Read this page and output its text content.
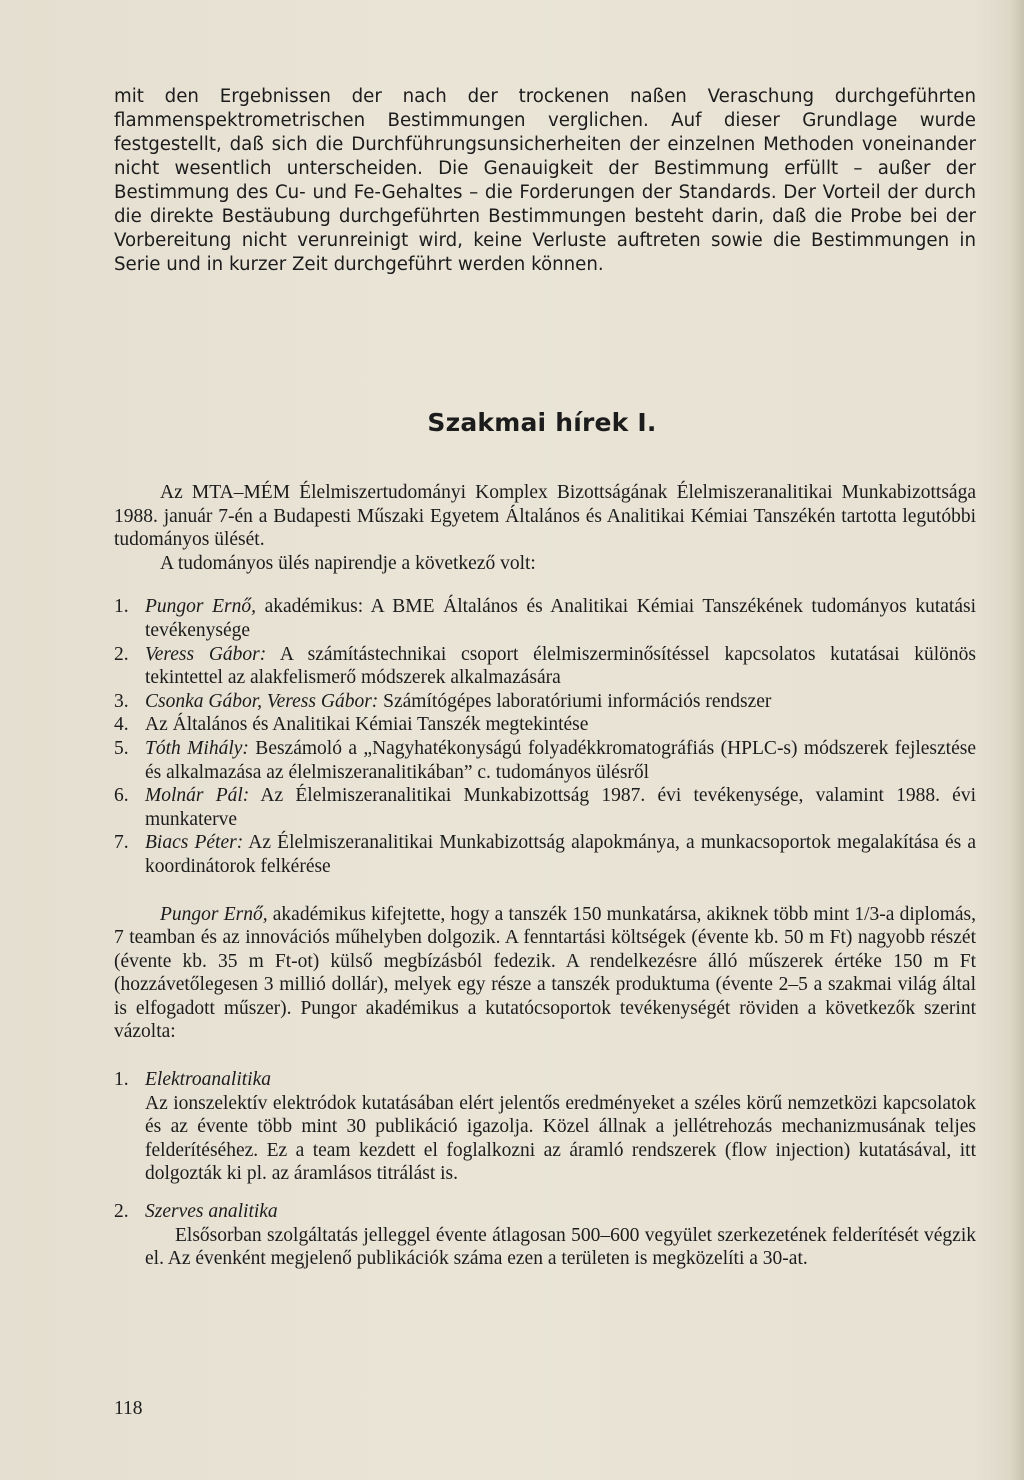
mit den Ergebnissen der nach der trockenen naßen Veraschung durchgeführten flammenspektrometrischen Bestimmungen verglichen. Auf dieser Grundlage wurde festgestellt, daß sich die Durchführungsunsicherheiten der einzelnen Methoden voneinander nicht wesentlich unterscheiden. Die Genauigkeit der Bestimmung erfüllt – außer der Bestimmung des Cu- und Fe-Gehaltes – die Forderungen der Standards. Der Vorteil der durch die direkte Bestäubung durchgeführten Bestimmungen besteht darin, daß die Probe bei der Vorbereitung nicht verunreinigt wird, keine Verluste auftreten sowie die Bestimmungen in Serie und in kurzer Zeit durchgeführt werden können.

Szakmai hírek I.

Az MTA–MÉM Élelmiszertudományi Komplex Bizottságának Élelmiszeranalitikai Munkabizottsága 1988. január 7-én a Budapesti Műszaki Egyetem Általános és Analitikai Kémiai Tanszékén tartotta legutóbbi tudományos ülését.

A tudományos ülés napirendje a következő volt:

1. Pungor Ernő, akadémikus: A BME Általános és Analitikai Kémiai Tanszékének tudományos kutatási tevékenysége
2. Veress Gábor: A számítástechnikai csoport élelmiszerminősítéssel kapcsolatos kutatásai különös tekintettel az alakfelismerő módszerek alkalmazására
3. Csonka Gábor, Veress Gábor: Számítógépes laboratóriumi információs rendszer
4. Az Általános és Analitikai Kémiai Tanszék megtekintése
5. Tóth Mihály: Beszámoló a „Nagyhatékonyságú folyadékkromatográfiás (HPLC-s) módszerek fejlesztése és alkalmazása az élelmiszeranalitikában” c. tudományos ülésről
6. Molnár Pál: Az Élelmiszeranalitikai Munkabizottság 1987. évi tevékenysége, valamint 1988. évi munkaterve
7. Biacs Péter: Az Élelmiszeranalitikai Munkabizottság alapokmánya, a munkacsoportok megalakítása és a koordinátorok felkérése

Pungor Ernő, akadémikus kifejtette, hogy a tanszék 150 munkatársa, akiknek több mint 1/3-a diplomás, 7 teamban és az innovációs műhelyben dolgozik. A fenntartási költségek (évente kb. 50 m Ft) nagyobb részét (évente kb. 35 m Ft-ot) külső megbízásból fedezik. A rendelkezésre álló műszerek értéke 150 m Ft (hozzávetőlegesen 3 millió dollár), melyek egy része a tanszék produktuma (évente 2–5 a szakmai világ által is elfogadott műszer). Pungor akadémikus a kutatócsoportok tevékenységét röviden a következők szerint vázolta:

1. Elektroanalitika

Az ionszelektív elektródok kutatásában elért jelentős eredményeket a széles körű nemzetközi kapcsolatok és az évente több mint 30 publikáció igazolja. Közel állnak a jellétrehozás mechanizmusának teljes felderítéséhez. Ez a team kezdett el foglalkozni az áramló rendszerek (flow injection) kutatásával, itt dolgozták ki pl. az áramlásos titrálást is.

2. Szerves analitika

Elsősorban szolgáltatás jelleggel évente átlagosan 500–600 vegyület szerkezetének felderítését végzik el. Az évenként megjelenő publikációk száma ezen a területen is megközelíti a 30-at.

118
